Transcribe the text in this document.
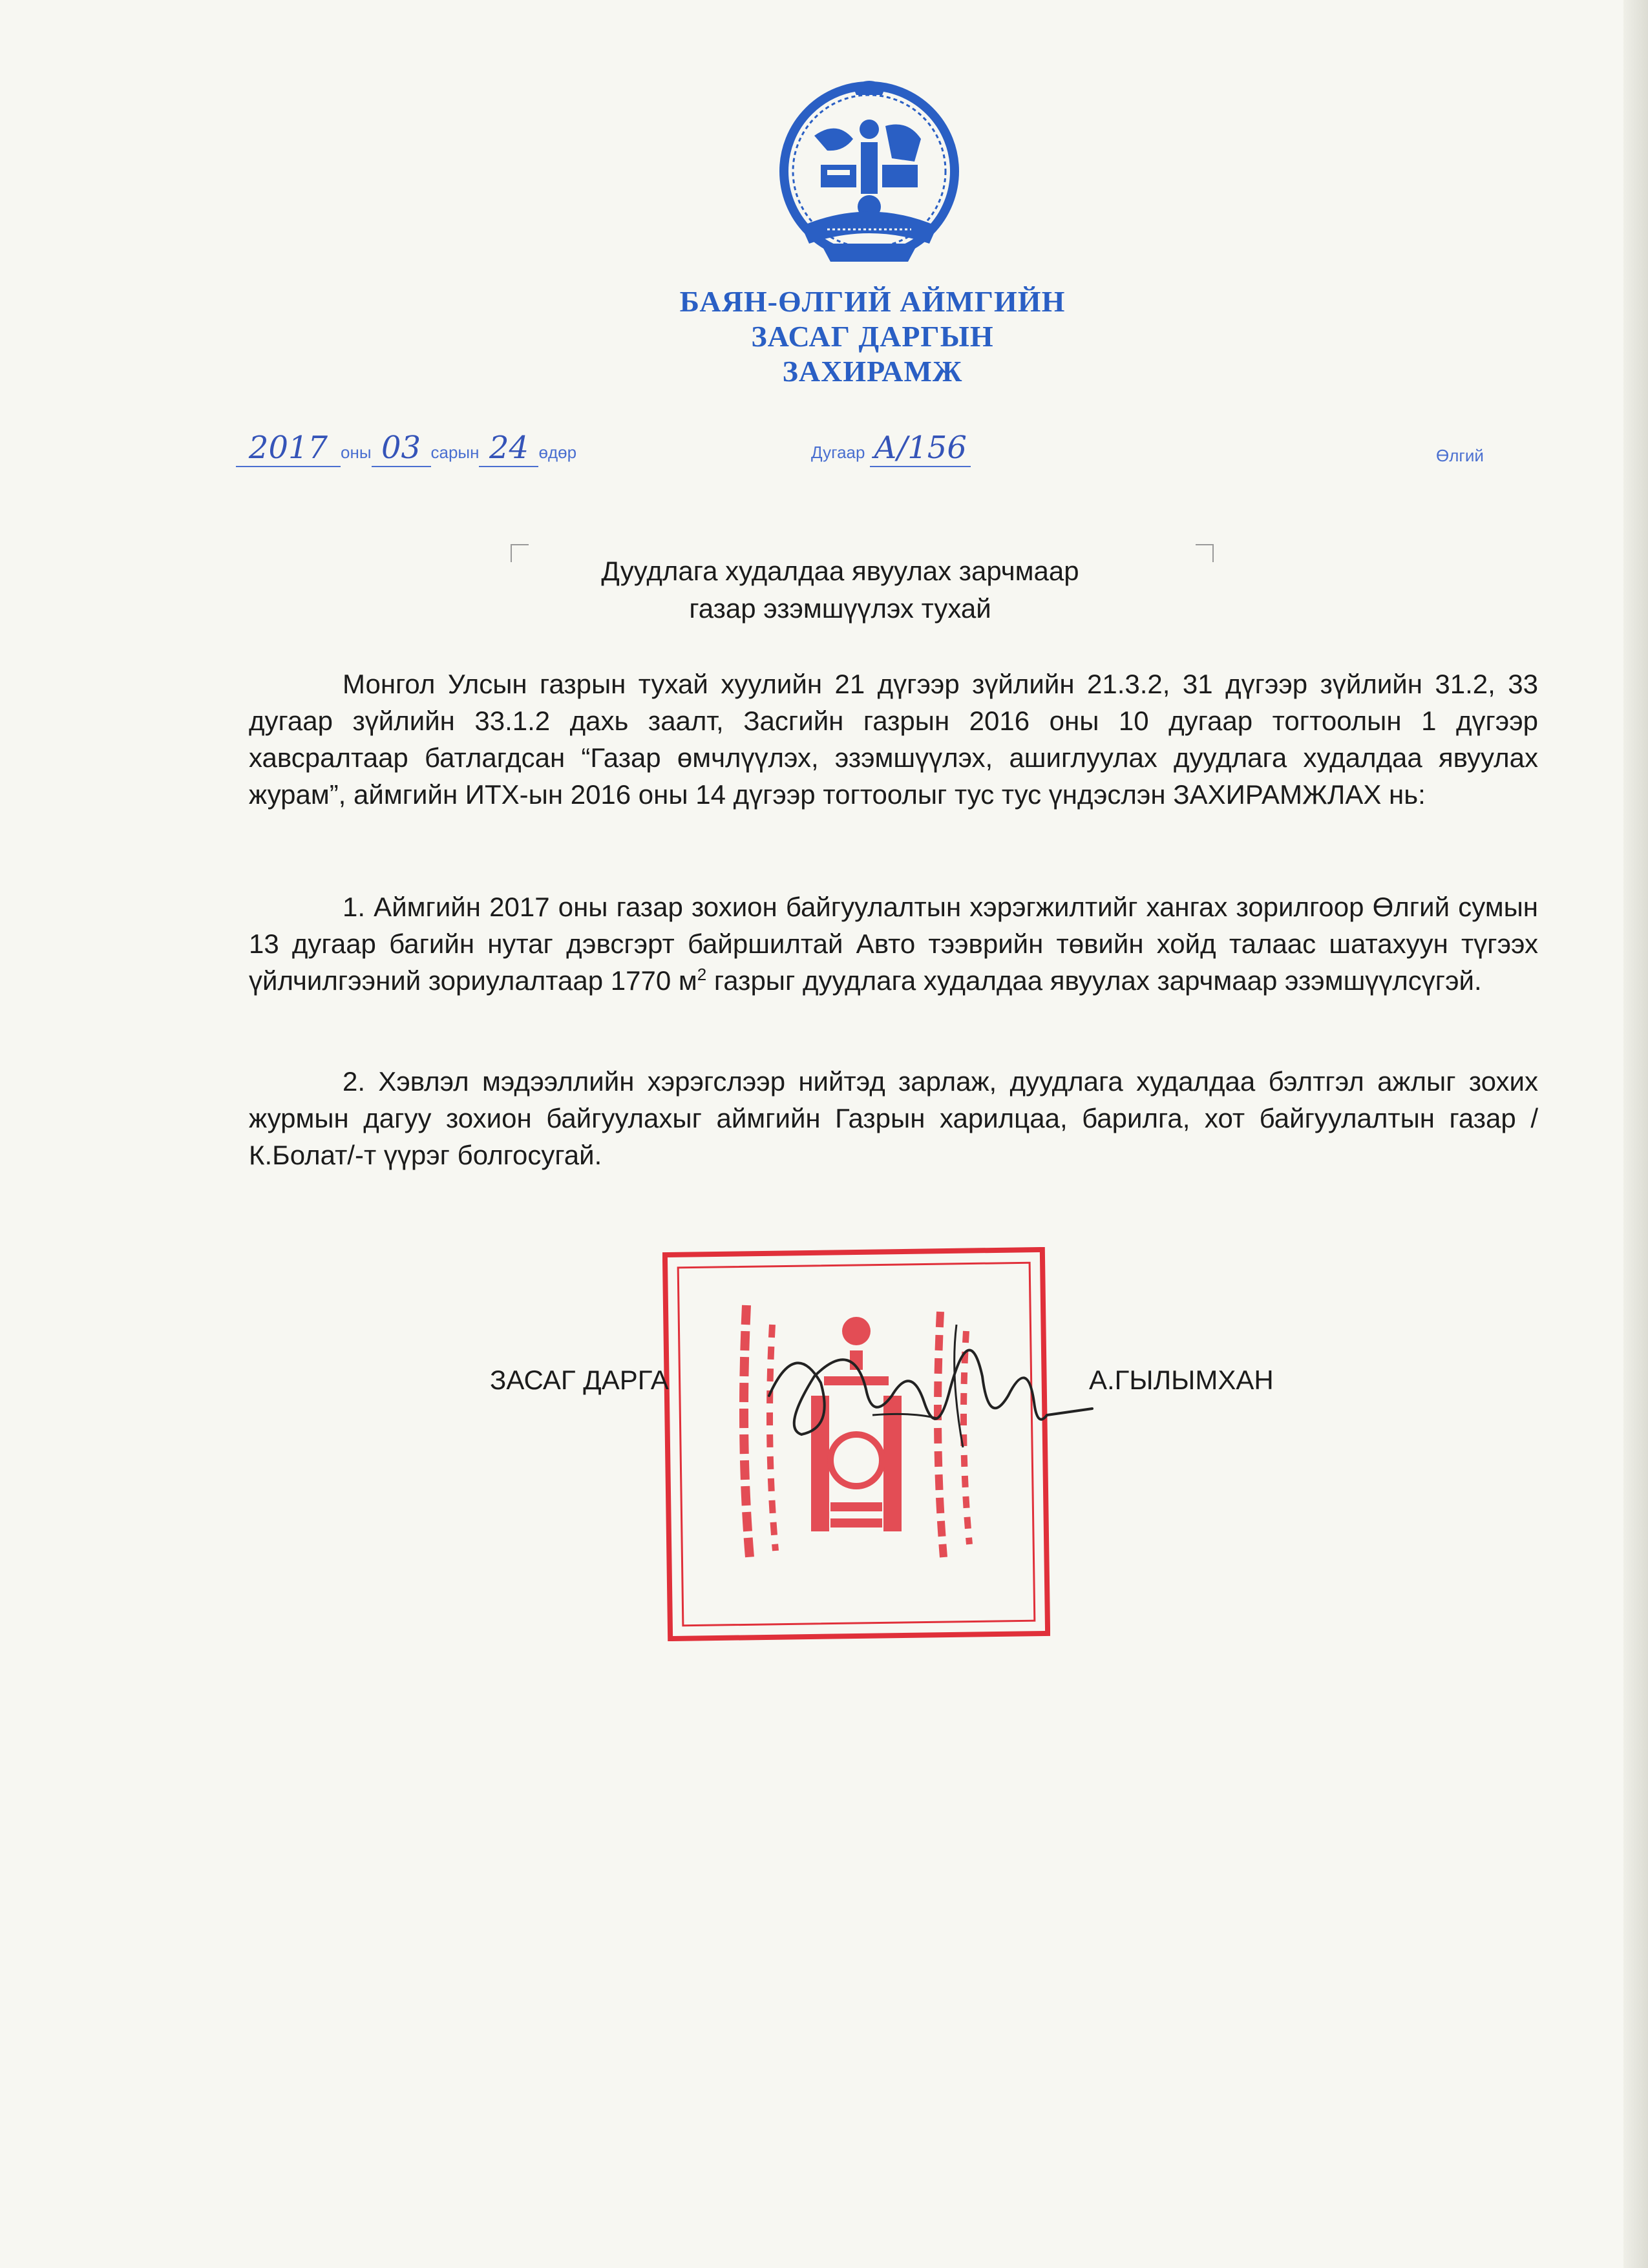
БАЯН-ӨЛГИЙ АЙМГИЙН
ЗАСАГ ДАРГЫН
ЗАХИРАМЖ
2017 оны 03 сарын 24 өдөр	Дугаар А/156	Өлгий
Дуудлага худалдаа явуулах зарчмаар
газар эзэмшүүлэх тухай

Монгол Улсын газрын тухай хуулийн 21 дүгээр зүйлийн 21.3.2, 31 дүгээр зүйлийн 31.2, 33 дугаар зүйлийн 33.1.2 дахь заалт, Засгийн газрын 2016 оны 10 дугаар тогтоолын 1 дүгээр хавсралтаар батлагдсан “Газар өмчлүүлэх, эзэмшүүлэх, ашиглуулах дуудлага худалдаа явуулах журам”, аймгийн ИТХ-ын 2016 оны 14 дүгээр тогтоолыг тус тус үндэслэн ЗАХИРАМЖЛАХ нь:

1. Аймгийн 2017 оны газар зохион байгуулалтын хэрэгжилтийг хангах зорилгоор Өлгий сумын 13 дугаар багийн нутаг дэвсгэрт байршилтай Авто тээврийн төвийн хойд талаас шатахуун түгээх үйлчилгээний зориулалтаар 1770 $м^2$ газрыг дуудлага худалдаа явуулах зарчмаар эзэмшүүлсүгэй.

2. Хэвлэл мэдээллийн хэрэгслээр нийтэд зарлаж, дуудлага худалдаа бэлтгэл ажлыг зохих журмын дагуу зохион байгуулахыг аймгийн Газрын харилцаа, барилга, хот байгуулалтын газар /К.Болат/-т үүрэг болгосугай.

ЗАСАГ ДАРГА	А.ГЫЛЫМХАН
